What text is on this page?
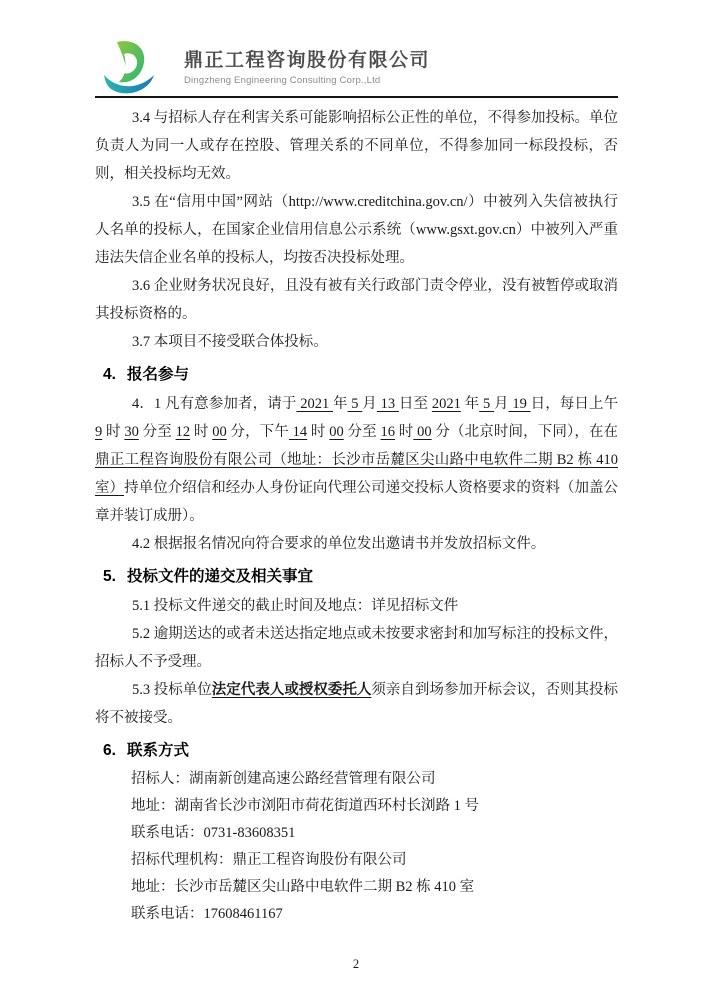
鼎正工程咨询股份有限公司
Dingzheng Engineering Consulting Corp.,Ltd
3.4 与招标人存在利害关系可能影响招标公正性的单位，不得参加投标。单位负责人为同一人或存在控股、管理关系的不同单位，不得参加同一标段投标，否则，相关投标均无效。
3.5 在“信用中国”网站（http://www.creditchina.gov.cn/）中被列入失信被执行人名单的投标人，在国家企业信用信息公示系统（www.gsxt.gov.cn）中被列入严重违法失信企业名单的投标人，均按否决投标处理。
3.6 企业财务状况良好，且没有被有关行政部门责令停业，没有被暂停或取消其投标资格的。
3.7 本项目不接受联合体投标。
4. 报名参与
4．1 凡有意参加者，请于 2021 年 5 月 13 日至 2021 年 5 月 19 日，每日上午 9 时 30 分至 12 时 00 分，下午 14 时 00 分至 16 时 00 分（北京时间，下同），在在 鼎正工程咨询股份有限公司（地址：长沙市岳麓区尖山路中电软件二期 B2 栋 410 室）持单位介绍信和经办人身份证向代理公司递交投标人资格要求的资料（加盖公章并装订成册）。
4.2 根据报名情况向符合要求的单位发出邀请书并发放招标文件。
5. 投标文件的递交及相关事宜
5.1 投标文件递交的截止时间及地点：详见招标文件
5.2 逾期送达的或者未送达指定地点或未按要求密封和加写标注的投标文件，招标人不予受理。
5.3 投标单位法定代表人或授权委托人须亲自到场参加开标会议，否则其投标将不被接受。
6. 联系方式
招标人：湖南新创建高速公路经营管理有限公司
地址：湖南省长沙市浏阳市荷花街道西环村长浏路 1 号
联系电话：0731-83608351
招标代理机构：鼎正工程咨询股份有限公司
地址：长沙市岳麓区尖山路中电软件二期 B2 栋 410 室
联系电话：17608461167
2
